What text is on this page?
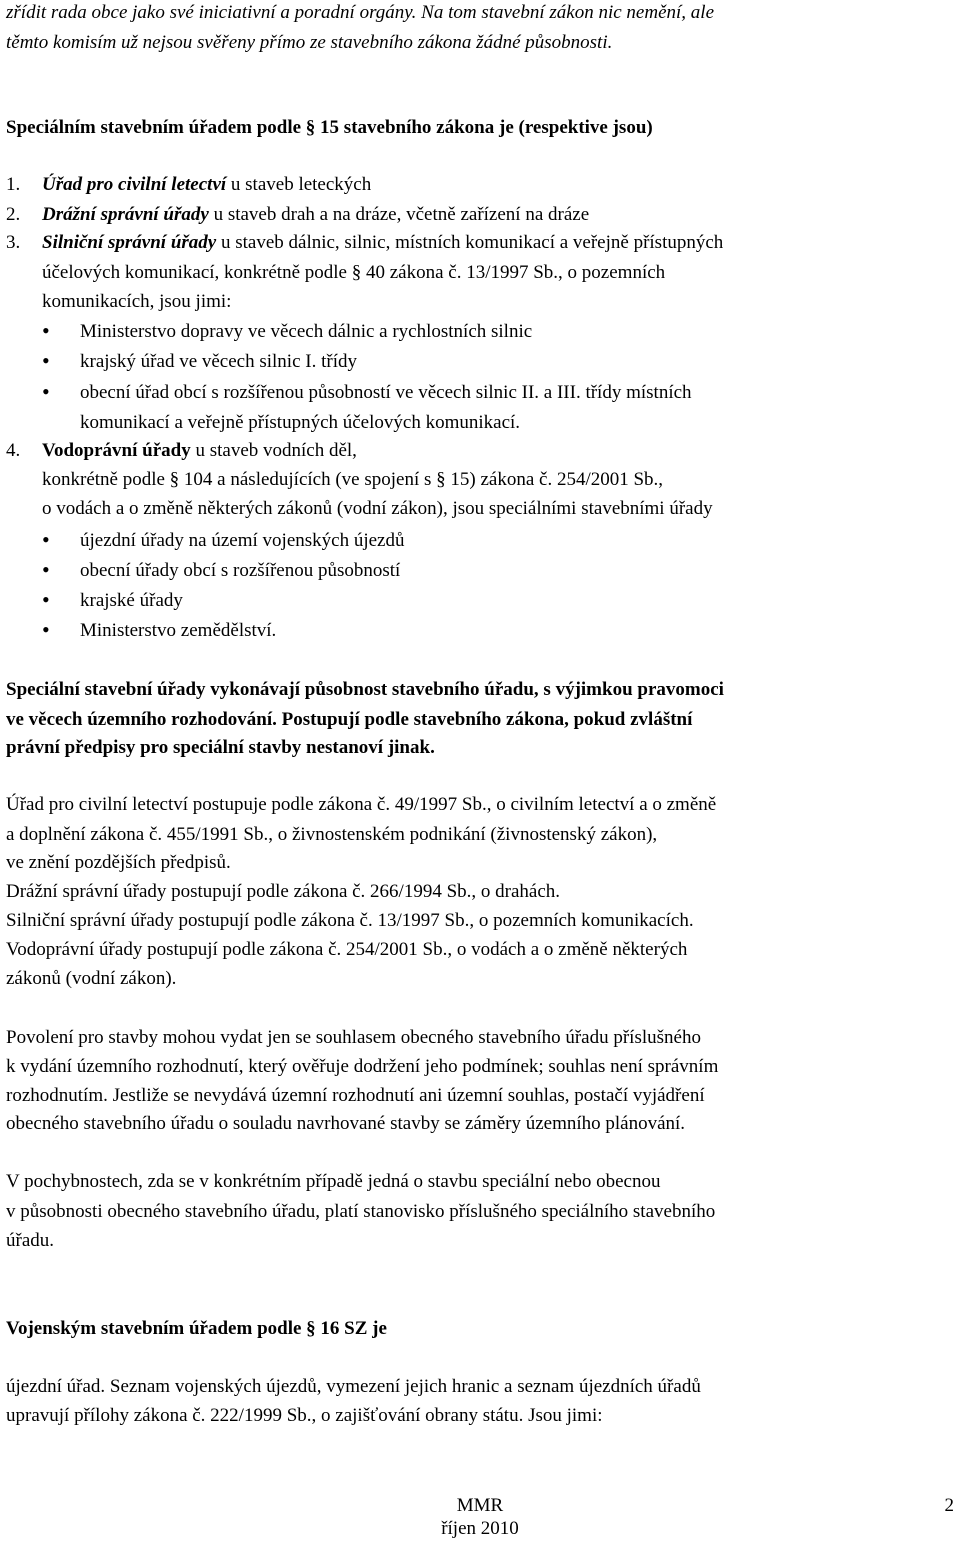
zřídit rada obce jako své iniciativní a poradní orgány. Na tom stavební zákon nic nemění, ale
těmto komisím už nejsou svěřeny přímo ze stavebního zákona žádné působnosti.
Speciálním stavebním úřadem podle § 15 stavebního zákona je (respektive jsou)
1. Úřad pro civilní letectví u staveb leteckých
2. Drážní správní úřady u staveb drah a na dráze, včetně zařízení na dráze
3. Silniční správní úřady u staveb dálnic, silnic, místních komunikací a veřejně přístupných
účelových komunikací, konkrétně podle § 40 zákona č. 13/1997 Sb., o pozemních
komunikacích, jsou jimi:
• Ministerstvo dopravy ve věcech dálnic a rychlostních silnic
• krajský úřad ve věcech silnic I. třídy
• obecní úřad obcí s rozšířenou působností ve věcech silnic II. a III. třídy místních
komunikací a veřejně přístupných účelových komunikací.
4. Vodoprávní úřady u staveb vodních děl,
konkrétně podle § 104 a následujících (ve spojení s § 15) zákona č. 254/2001 Sb.,
o vodách a o změně některých zákonů (vodní zákon), jsou speciálními stavebními úřady
• újezdní úřady na území vojenských újezdů
• obecní úřady obcí s rozšířenou působností
• krajské úřady
• Ministerstvo zemědělství.
Speciální stavební úřady vykonávají působnost stavebního úřadu, s výjimkou pravomoci
ve věcech územního rozhodování. Postupují podle stavebního zákona, pokud zvláštní
právní předpisy pro speciální stavby nestanoví jinak.
Úřad pro civilní letectví postupuje podle zákona č. 49/1997 Sb., o civilním letectví a o změně
a doplnění zákona č. 455/1991 Sb., o živnostenském podnikání (živnostenský zákon),
ve znění pozdějších předpisů.
Drážní správní úřady postupují podle zákona č. 266/1994 Sb., o drahách.
Silniční správní úřady postupují podle zákona č. 13/1997 Sb., o pozemních komunikacích.
Vodoprávní úřady postupují podle zákona č. 254/2001 Sb., o vodách a o změně některých
zákonů (vodní zákon).
Povolení pro stavby mohou vydat jen se souhlasem obecného stavebního úřadu příslušného
k vydání územního rozhodnutí, který ověřuje dodržení jeho podmínek; souhlas není správním
rozhodnutím. Jestliže se nevydává územní rozhodnutí ani územní souhlas, postačí vyjádření
obecného stavebního úřadu o souladu navrhované stavby se záměry územního plánování.
V pochybnostech, zda se v konkrétním případě jedná o stavbu speciální nebo obecnou
v působnosti obecného stavebního úřadu, platí stanovisko příslušného speciálního stavebního
úřadu.
Vojenským stavebním úřadem podle § 16 SZ je
újezdní úřad. Seznam vojenských újezdů, vymezení jejich hranic a seznam újezdních úřadů
upravují přílohy zákona č. 222/1999 Sb., o zajišťování obrany státu. Jsou jimi:
MMR
říjen 2010
2
